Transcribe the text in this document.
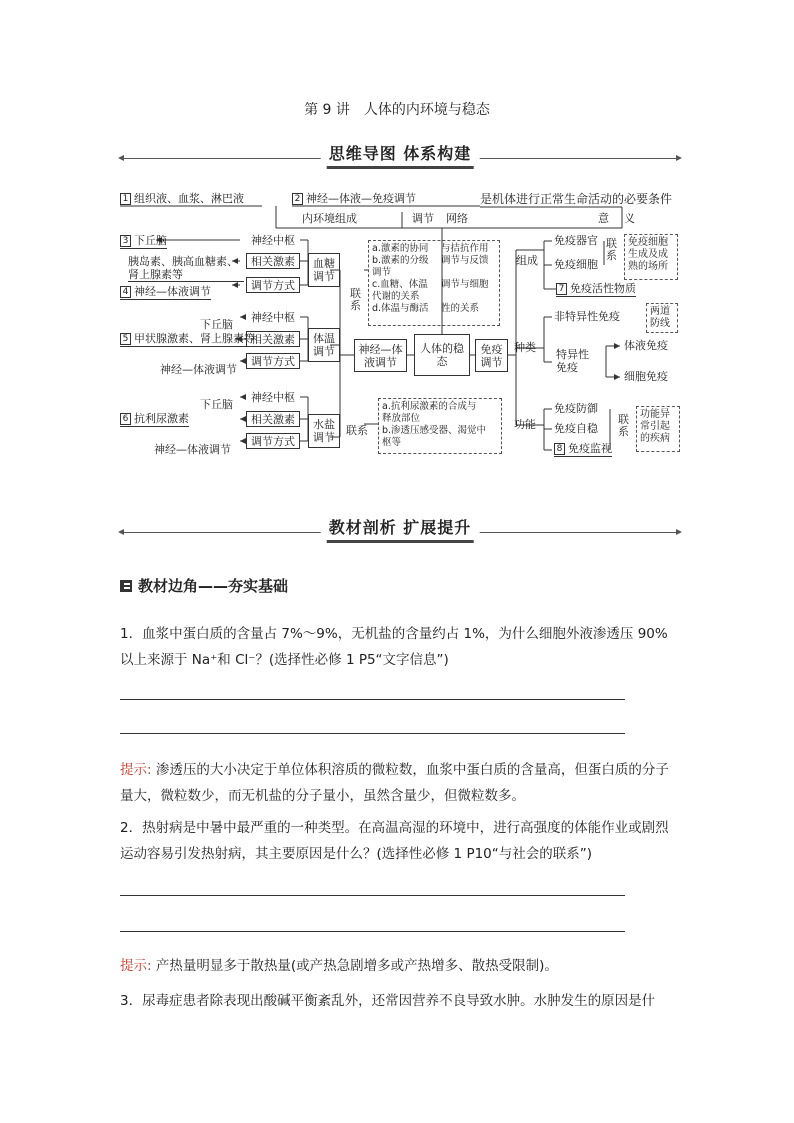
第 9 讲　人体的内环境与稳态
思维导图 体系构建
1 组织液、血浆、淋巴液	2 神经—体液—免疫调节	是机体进行正常生命活动的必要条件
意 义
内环境组成	调节 网络
人体的稳态
神经—体液调节
免疫调节
血糖调节
体温调节
水盐调节
神经中枢
相关激素
调节方式
神经中枢
相关激素
调节方式
神经中枢
相关激素
调节方式
联系
联系
3 下丘脑
胰岛素、胰高血糖素、肾上腺素等
4 神经—体液调节
下丘脑
5 甲状腺激素、肾上腺素等
神经—体液调节
下丘脑
6 抗利尿激素
神经—体液调节
a.激素的协同
b.激素的分级
调节
c.血糖、体温
代谢的关系
d.体温与酶活
与拮抗作用
调节与反馈

调节与细胞

性的关系
a.抗利尿激素的合成与
释放部位
b.渗透压感受器、渴觉中
枢等
组成
种类
功能
免疫器官
免疫细胞
联系
7 免疫活性物质
免疫细胞
生成及成
熟的场所
非特异性免疫	两道
防线
特异性
免疫
体液免疫
细胞免疫
免疫防御
免疫自稳
8 免疫监视
联系
功能异
常引起
的疾病
教材剖析 扩展提升
教材边角——夯实基础
1．血浆中蛋白质的含量占 7%～9%，无机盐的含量约占 1%，为什么细胞外液渗透压 90%以上来源于 Na⁺和 Cl⁻？(选择性必修 1 P5“文字信息”)
提示: 渗透压的大小决定于单位体积溶质的微粒数，血浆中蛋白质的含量高，但蛋白质的分子量大，微粒数少，而无机盐的分子量小，虽然含量少，但微粒数多。
2．热射病是中暑中最严重的一种类型。在高温高湿的环境中，进行高强度的体能作业或剧烈运动容易引发热射病，其主要原因是什么？(选择性必修 1 P10“与社会的联系”)
提示: 产热量明显多于散热量(或产热急剧增多或产热增多、散热受限制)。
3．尿毒症患者除表现出酸碱平衡紊乱外，还常因营养不良导致水肿。水肿发生的原因是什
